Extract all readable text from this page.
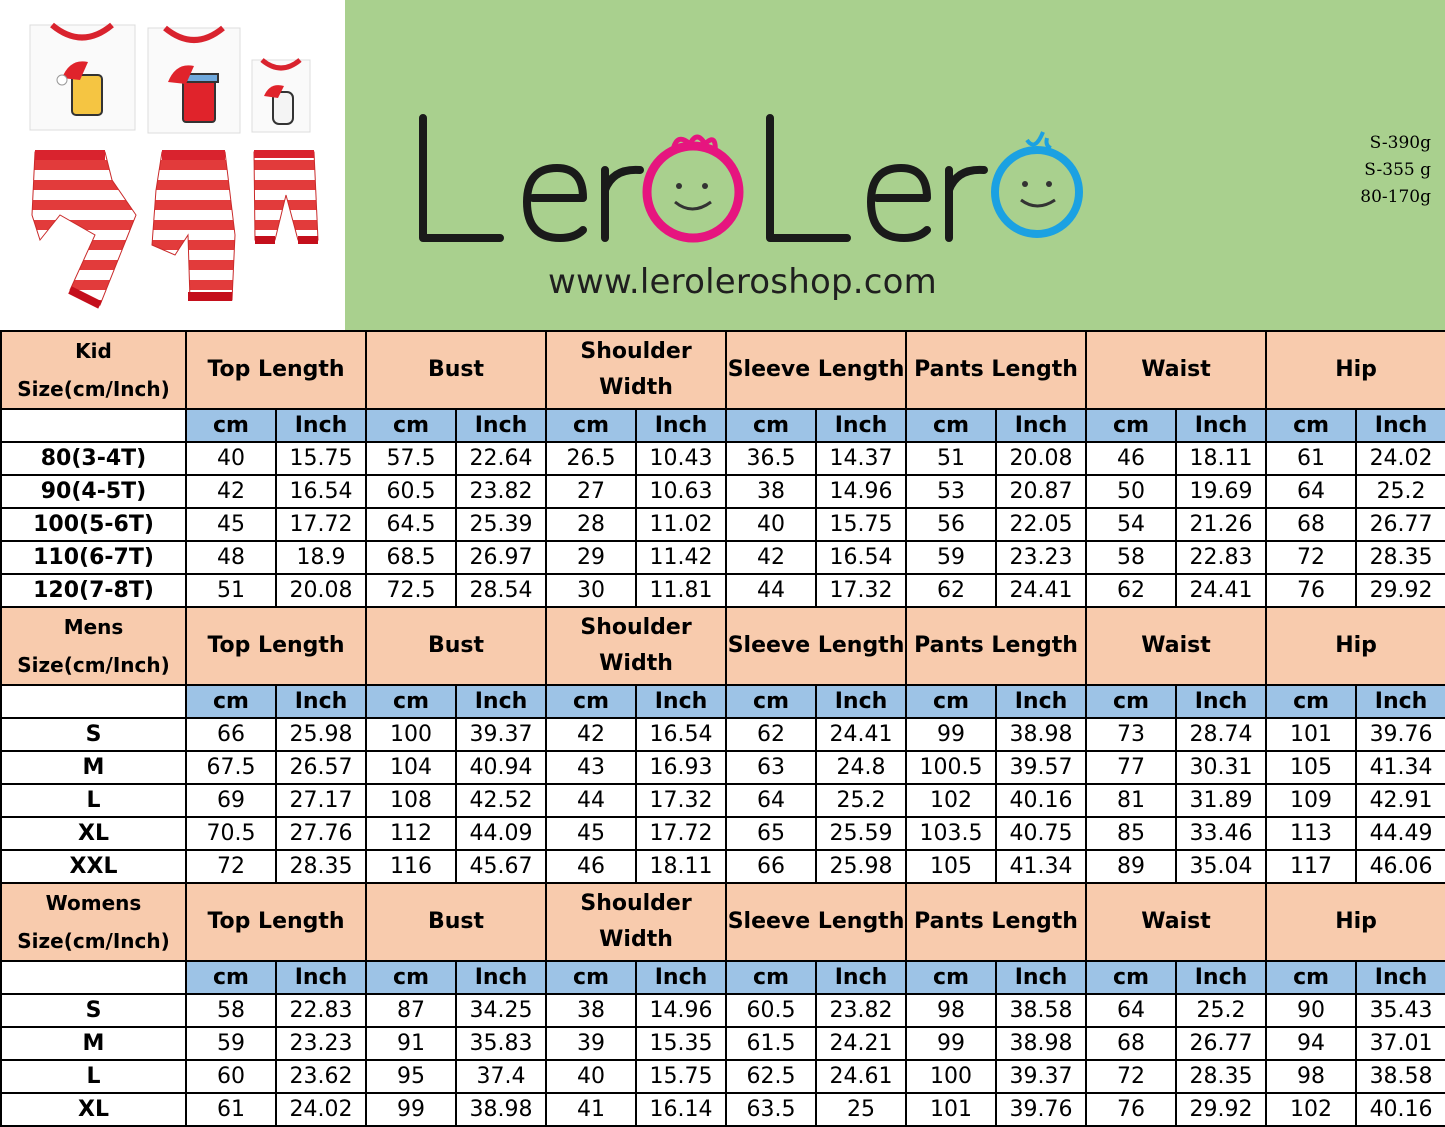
www.leroleroshop.com
S-390g
S-355 g
80-170g
Kid Size(cm/Inch)	Top Length		Bust		Shoulder Width		Sleeve Length		Pants Length		Waist		Hip	
	cm	Inch	cm	Inch	cm	Inch	cm	Inch	cm	Inch	cm	Inch	cm	Inch
80(3-4T)	40	15.75	57.5	22.64	26.5	10.43	36.5	14.37	51	20.08	46	18.11	61	24.02
90(4-5T)	42	16.54	60.5	23.82	27	10.63	38	14.96	53	20.87	50	19.69	64	25.2
100(5-6T)	45	17.72	64.5	25.39	28	11.02	40	15.75	56	22.05	54	21.26	68	26.77
110(6-7T)	48	18.9	68.5	26.97	29	11.42	42	16.54	59	23.23	58	22.83	72	28.35
120(7-8T)	51	20.08	72.5	28.54	30	11.81	44	17.32	62	24.41	62	24.41	76	29.92
Mens Size(cm/Inch)	Top Length		Bust		Shoulder Width		Sleeve Length		Pants Length		Waist		Hip	
	cm	Inch	cm	Inch	cm	Inch	cm	Inch	cm	Inch	cm	Inch	cm	Inch
S	66	25.98	100	39.37	42	16.54	62	24.41	99	38.98	73	28.74	101	39.76
M	67.5	26.57	104	40.94	43	16.93	63	24.8	100.5	39.57	77	30.31	105	41.34
L	69	27.17	108	42.52	44	17.32	64	25.2	102	40.16	81	31.89	109	42.91
XL	70.5	27.76	112	44.09	45	17.72	65	25.59	103.5	40.75	85	33.46	113	44.49
XXL	72	28.35	116	45.67	46	18.11	66	25.98	105	41.34	89	35.04	117	46.06
Womens Size(cm/Inch)	Top Length		Bust		Shoulder Width		Sleeve Length		Pants Length		Waist		Hip	
	cm	Inch	cm	Inch	cm	Inch	cm	Inch	cm	Inch	cm	Inch	cm	Inch
S	58	22.83	87	34.25	38	14.96	60.5	23.82	98	38.58	64	25.2	90	35.43
M	59	23.23	91	35.83	39	15.35	61.5	24.21	99	38.98	68	26.77	94	37.01
L	60	23.62	95	37.4	40	15.75	62.5	24.61	100	39.37	72	28.35	98	38.58
XL	61	24.02	99	38.98	41	16.14	63.5	25	101	39.76	76	29.92	102	40.16
